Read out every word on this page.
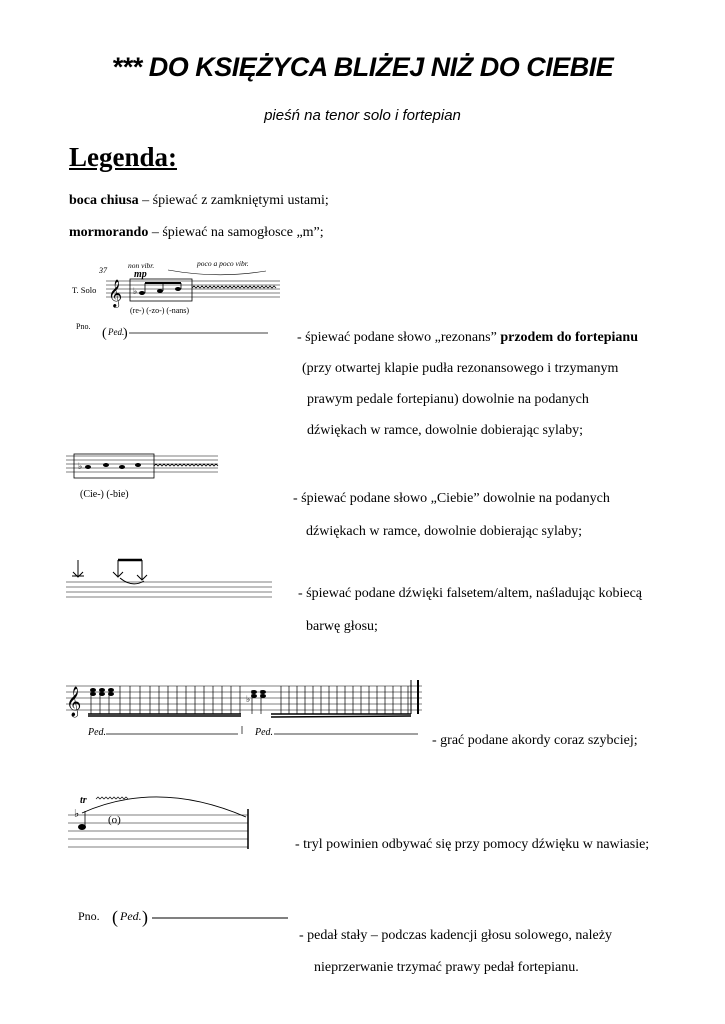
*** DO KSIĘŻYCA BLIŻEJ NIŻ DO CIEBIE
pieśń na tenor solo i fortepian
Legenda:
boca chiusa – śpiewać z zamkniętymi ustami;
mormorando – śpiewać na samogłosce „m”;
non vibr.	poco a poco vibr.
37	mp
T. Solo 𝄞 ♭
(re-) (-zo-) (-nans)
Pno. ( Ped.
)	- śpiewać podane słowo „rezonans” przodem do fortepianu
(przy otwartej klapie pudła rezonansowego i trzymanym
prawym pedale fortepianu) dowolnie na podanych
dźwiękach w ramce, dowolnie dobierając sylaby;
♭
(Cie-) (-bie)	- śpiewać podane słowo „Ciebie” dowolnie na podanych
dźwiękach w ramce, dowolnie dobierając sylaby;
- śpiewać podane dźwięki falsetem/altem, naśladując kobiecą
barwę głosu;
𝄞	♭
Ped.	Ped.
- grać podane akordy coraz szybciej;
tr
♭	(o)
- tryl powinien odbywać się przy pomocy dźwięku w nawiasie;
Pno. ( Ped. )
- pedał stały – podczas kadencji głosu solowego, należy
nieprzerwanie trzymać prawy pedał fortepianu.
